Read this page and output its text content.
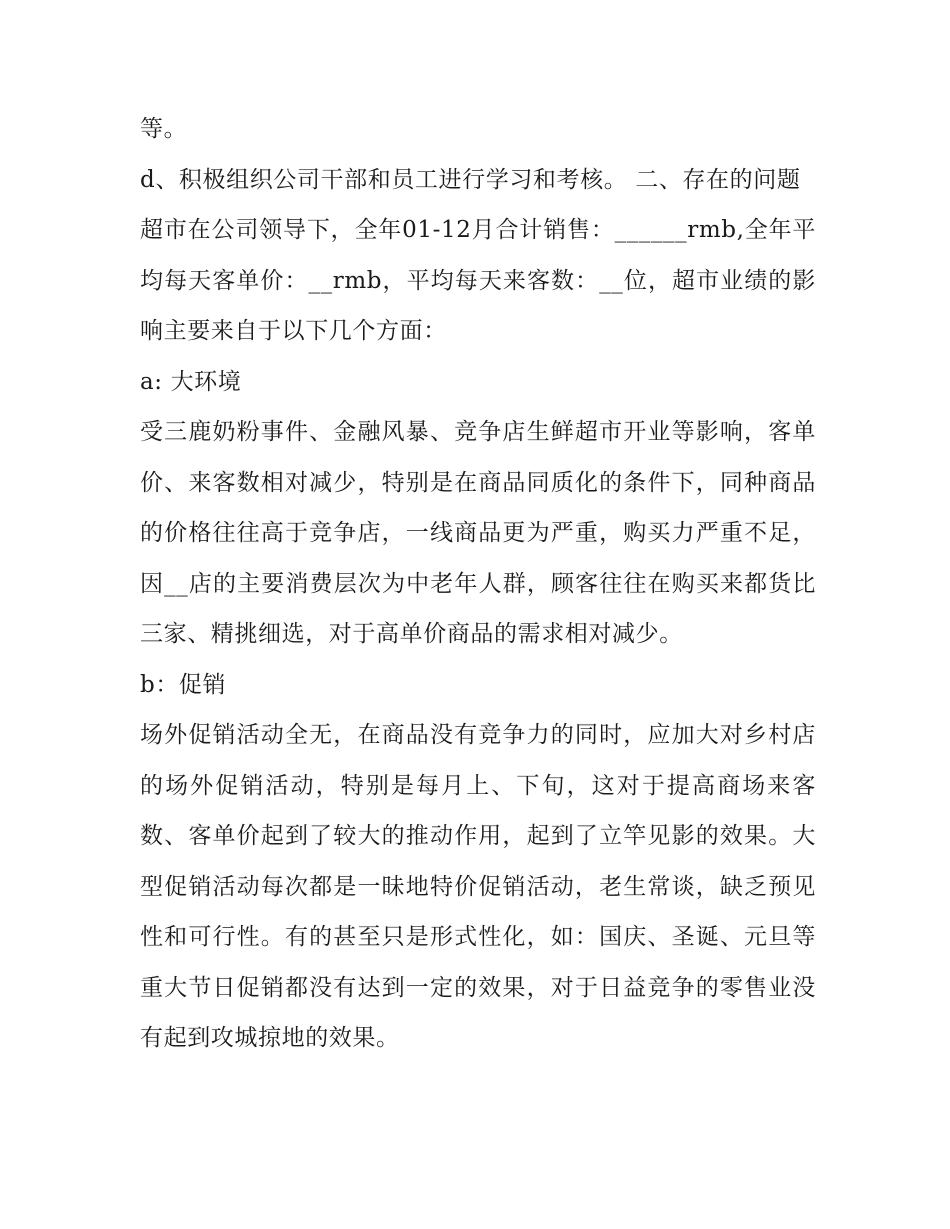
等。

d、积极组织公司干部和员工进行学习和考核。 二、存在的问题

超市在公司领导下，全年01-12月合计销售：______rmb,全年平均每天客单价：__rmb，平均每天来客数：__位，超市业绩的影响主要来自于以下几个方面：

a: 大环境

受三鹿奶粉事件、金融风暴、竞争店生鲜超市开业等影响，客单价、来客数相对减少，特别是在商品同质化的条件下，同种商品的价格往往高于竞争店，一线商品更为严重，购买力严重不足，因__店的主要消费层次为中老年人群，顾客往往在购买来都货比三家、精挑细选，对于高单价商品的需求相对减少。

b：促销

场外促销活动全无，在商品没有竞争力的同时，应加大对乡村店的场外促销活动，特别是每月上、下旬，这对于提高商场来客数、客单价起到了较大的推动作用，起到了立竿见影的效果。大型促销活动每次都是一昧地特价促销活动，老生常谈，缺乏预见性和可行性。有的甚至只是形式性化，如：国庆、圣诞、元旦等重大节日促销都没有达到一定的效果，对于日益竞争的零售业没有起到攻城掠地的效果。
